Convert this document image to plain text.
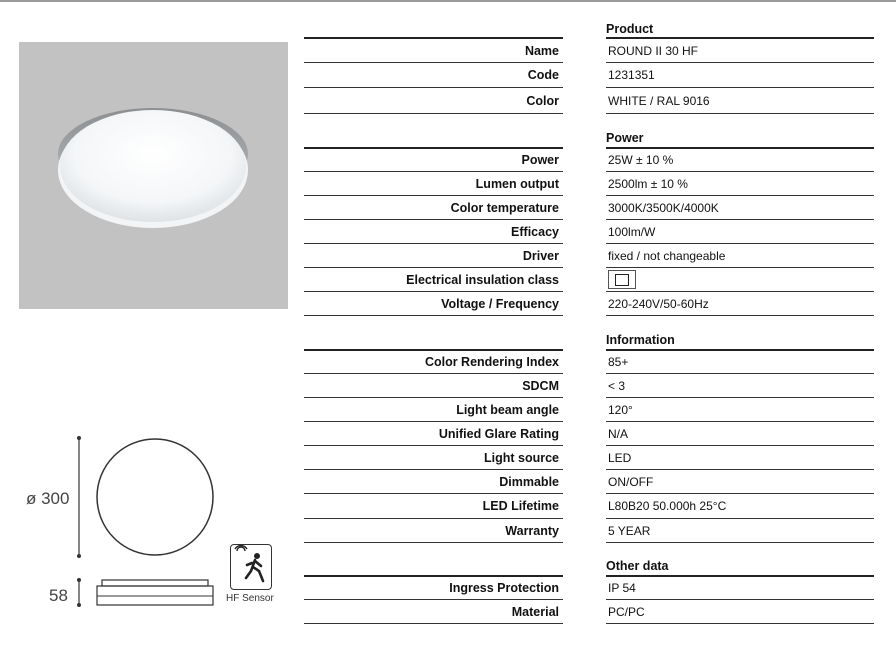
ø 300
58	HF Sensor
Product
Name	ROUND II 30 HF
Code	1231351
Color	WHITE / RAL 9016
Power
Power	25W ± 10 %
Lumen output	2500lm ± 10 %
Color temperature	3000K/3500K/4000K
Efficacy	100lm/W
Driver	fixed / not changeable
Electrical insulation class
Voltage / Frequency	220-240V/50-60Hz
Information
Color Rendering Index	85+
SDCM	< 3
Light beam angle	120°
Unified Glare Rating	N/A
Light source	LED
Dimmable	ON/OFF
LED Lifetime	L80B20 50.000h 25°C
Warranty	5 YEAR
Other data
Ingress Protection	IP 54
Material	PC/PC
